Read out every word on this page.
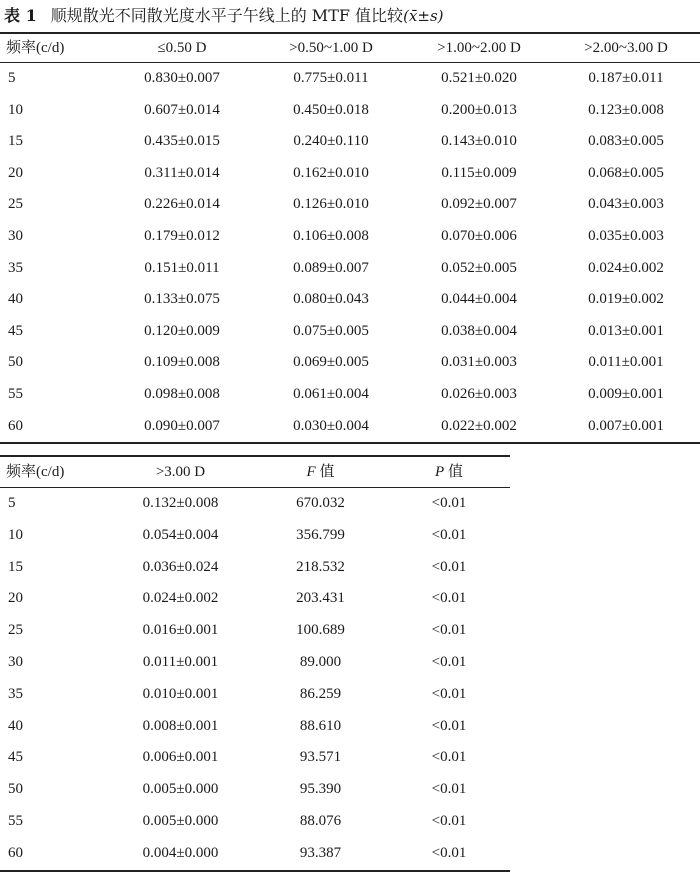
表 1 顺规散光不同散光度水平子午线上的 MTF 值比较(x̄±s)
频率(c/d)	≤0.50 D	>0.50~1.00 D	>1.00~2.00 D	>2.00~3.00 D
5	0.830±0.007	0.775±0.011	0.521±0.020	0.187±0.011
10	0.607±0.014	0.450±0.018	0.200±0.013	0.123±0.008
15	0.435±0.015	0.240±0.110	0.143±0.010	0.083±0.005
20	0.311±0.014	0.162±0.010	0.115±0.009	0.068±0.005
25	0.226±0.014	0.126±0.010	0.092±0.007	0.043±0.003
30	0.179±0.012	0.106±0.008	0.070±0.006	0.035±0.003
35	0.151±0.011	0.089±0.007	0.052±0.005	0.024±0.002
40	0.133±0.075	0.080±0.043	0.044±0.004	0.019±0.002
45	0.120±0.009	0.075±0.005	0.038±0.004	0.013±0.001
50	0.109±0.008	0.069±0.005	0.031±0.003	0.011±0.001
55	0.098±0.008	0.061±0.004	0.026±0.003	0.009±0.001
60	0.090±0.007	0.030±0.004	0.022±0.002	0.007±0.001
频率(c/d)	>3.00 D	F 值	P 值
5	0.132±0.008	670.032	<0.01
10	0.054±0.004	356.799	<0.01
15	0.036±0.024	218.532	<0.01
20	0.024±0.002	203.431	<0.01
25	0.016±0.001	100.689	<0.01
30	0.011±0.001	89.000	<0.01
35	0.010±0.001	86.259	<0.01
40	0.008±0.001	88.610	<0.01
45	0.006±0.001	93.571	<0.01
50	0.005±0.000	95.390	<0.01
55	0.005±0.000	88.076	<0.01
60	0.004±0.000	93.387	<0.01
